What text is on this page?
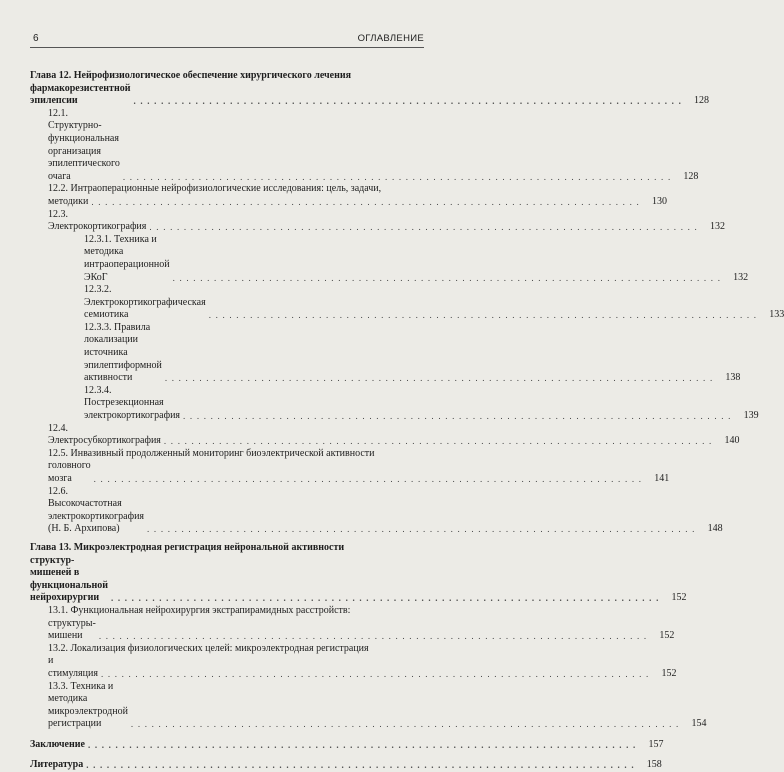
6	ОГЛАВЛЕНИЕ
Глава 12. Нейрофизиологическое обеспечение хирургического лечения
фармакорезистентной эпилепсии	. . . . . . . . . . . . . . . . . . . . . . . . . . . . . . . . . . . . . . . . . . . . . . . . . . . . . . . . . . . . . . . . . . . . . . . . . . . . . . . .	128
12.1. Структурно-функциональная организация эпилептического очага	. . . . . . . . . . . . . . . . . . . . . . . . . . . . . . . . . . . . . . . . . . . . . . . . . . . . . . . . . . . . . . . . . . . . . . . . . . . . . . . .	128
12.2. Интраоперационные нейрофизиологические исследования: цель, задачи,
методики . . . . . . . . . . . . . . . . . . . . . . . . . . . . . . . . . . . . . . . . . . . . . . . . . . . . . . . . . . . . . . . . . . . . . . . . . . . . . . . .	130
12.3. Электрокортикография . . . . . . . . . . . . . . . . . . . . . . . . . . . . . . . . . . . . . . . . . . . . . . . . . . . . . . . . . . . . . . . . . . . . . . . . . . . . . . . .	132
12.3.1. Техника и методика интраоперационной ЭКоГ	. . . . . . . . . . . . . . . . . . . . . . . . . . . . . . . . . . . . . . . . . . . . . . . . . . . . . . . . . . . . . . . . . . . . . . . . . . . . . . . .	132
12.3.2. Электрокортикографическая семиотика	. . . . . . . . . . . . . . . . . . . . . . . . . . . . . . . . . . . . . . . . . . . . . . . . . . . . . . . . . . . . . . . . . . . . . . . . . . . . . . . .	133
12.3.3. Правила локализации источника эпилептиформной активности	. . . . . . . . . . . . . . . . . . . . . . . . . . . . . . . . . . . . . . . . . . . . . . . . . . . . . . . . . . . . . . . . . . . . . . . . . . . . . . . .	138
12.3.4. Пострезекционная электрокортикография . . . . . . . . . . . . . . . . . . . . . . . . . . . . . . . . . . . . . . . . . . . . . . . . . . . . . . . . . . . . . . . . . . . . . . . . . . . . . . . .	139
12.4. Электросубкортикография . . . . . . . . . . . . . . . . . . . . . . . . . . . . . . . . . . . . . . . . . . . . . . . . . . . . . . . . . . . . . . . . . . . . . . . . . . . . . . . .	140
12.5. Инвазивный продолженный мониторинг биоэлектрической активности
головного мозга	. . . . . . . . . . . . . . . . . . . . . . . . . . . . . . . . . . . . . . . . . . . . . . . . . . . . . . . . . . . . . . . . . . . . . . . . . . . . . . . .	141
12.6. Высокочастотная электрокортикография (Н. Б. Архипова)	. . . . . . . . . . . . . . . . . . . . . . . . . . . . . . . . . . . . . . . . . . . . . . . . . . . . . . . . . . . . . . . . . . . . . . . . . . . . . . . .	148
Глава 13. Микроэлектродная регистрация нейрональной активности
структур-мишеней в функциональной нейрохирургии	. . . . . . . . . . . . . . . . . . . . . . . . . . . . . . . . . . . . . . . . . . . . . . . . . . . . . . . . . . . . . . . . . . . . . . . . . . . . . . . .	152
13.1. Функциональная нейрохирургия экстрапирамидных расстройств:
структуры-мишени	. . . . . . . . . . . . . . . . . . . . . . . . . . . . . . . . . . . . . . . . . . . . . . . . . . . . . . . . . . . . . . . . . . . . . . . . . . . . . . . .	152
13.2. Локализация физиологических целей: микроэлектродная регистрация
и стимуляция . . . . . . . . . . . . . . . . . . . . . . . . . . . . . . . . . . . . . . . . . . . . . . . . . . . . . . . . . . . . . . . . . . . . . . . . . . . . . . . .	152
13.3. Техника и методика микроэлектродной регистрации	. . . . . . . . . . . . . . . . . . . . . . . . . . . . . . . . . . . . . . . . . . . . . . . . . . . . . . . . . . . . . . . . . . . . . . . . . . . . . . . .	154
Заключение . . . . . . . . . . . . . . . . . . . . . . . . . . . . . . . . . . . . . . . . . . . . . . . . . . . . . . . . . . . . . . . . . . . . . . . . . . . . . . . .	157
Литература . . . . . . . . . . . . . . . . . . . . . . . . . . . . . . . . . . . . . . . . . . . . . . . . . . . . . . . . . . . . . . . . . . . . . . . . . . . . . . . .	158
